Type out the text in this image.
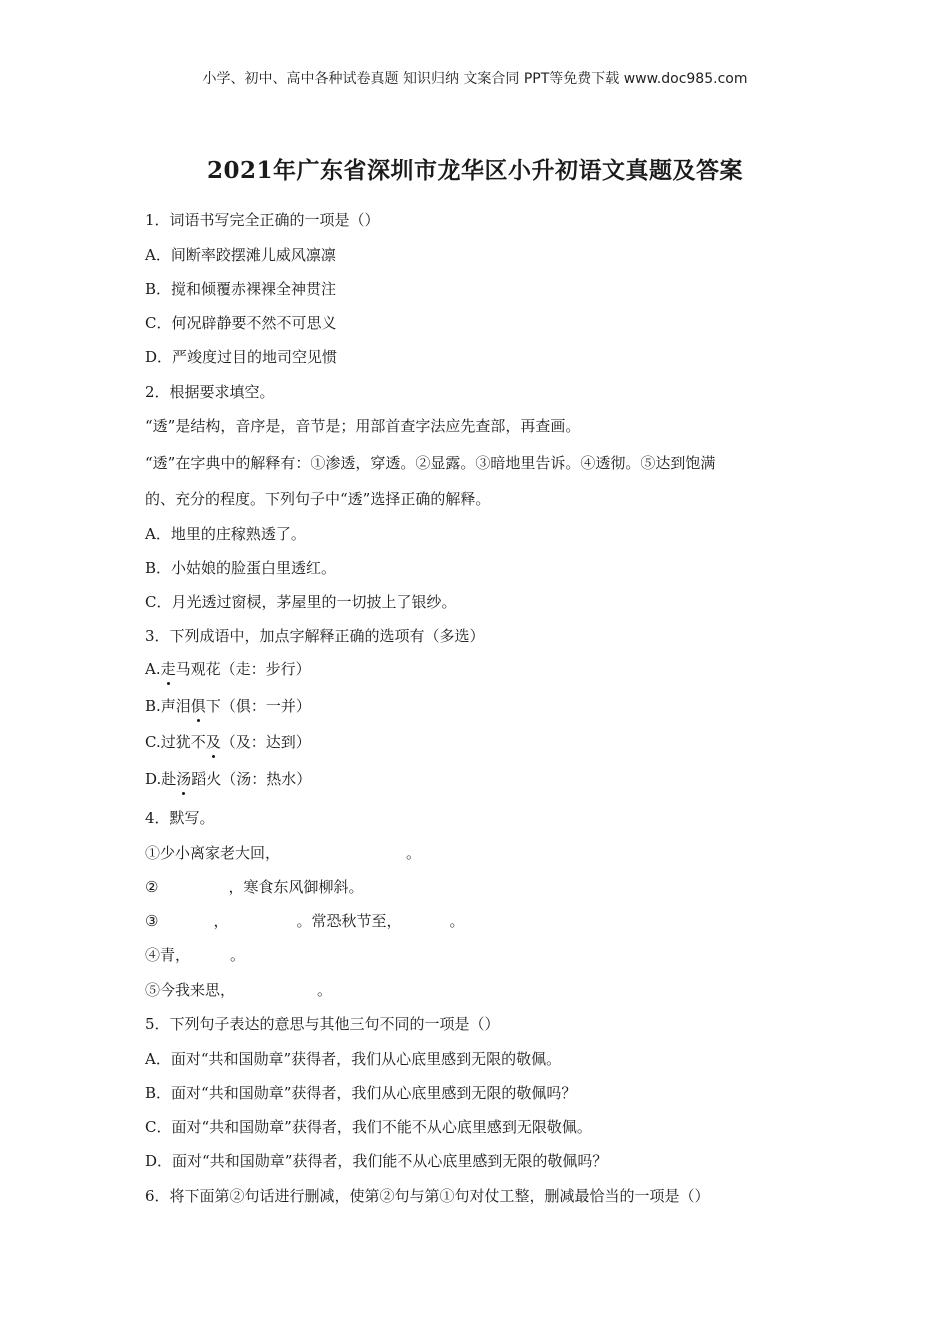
小学、初中、高中各种试卷真题 知识归纳 文案合同 PPT等免费下载 www.doc985.com
2021年广东省深圳市龙华区小升初语文真题及答案
1．词语书写完全正确的一项是（）
A．间断率跤摆滩儿威风凛凛
B．搅和倾覆赤裸裸全神贯注
C．何况辟静要不然不可思义
D．严竣度过目的地司空见惯
2．根据要求填空。
“透”是结构，音序是，音节是；用部首查字法应先查部，再查画。
“透”在字典中的解释有：①渗透，穿透。②显露。③暗地里告诉。④透彻。⑤达到饱满
的、充分的程度。下列句子中“透”选择正确的解释。
A．地里的庄稼熟透了。
B．小姑娘的脸蛋白里透红。
C．月光透过窗棂，茅屋里的一切披上了银纱。
3．下列成语中，加点字解释正确的选项有（多选）
A.走马观花（走：步行）
B.声泪俱下（俱：一并）
C.过犹不及（及：达到）
D.赴汤蹈火（汤：热水）
4．默写。
①少小离家老大回，	。
②	，寒食东风御柳斜。
③	，	。常恐秋节至，	。
④青，	。
⑤今我来思，	。
5．下列句子表达的意思与其他三句不同的一项是（）
A．面对“共和国勋章”获得者，我们从心底里感到无限的敬佩。
B．面对“共和国勋章”获得者，我们从心底里感到无限的敬佩吗？
C．面对“共和国勋章”获得者，我们不能不从心底里感到无限敬佩。
D．面对“共和国勋章”获得者，我们能不从心底里感到无限的敬佩吗？
6．将下面第②句话进行删减，使第②句与第①句对仗工整，删减最恰当的一项是（）
